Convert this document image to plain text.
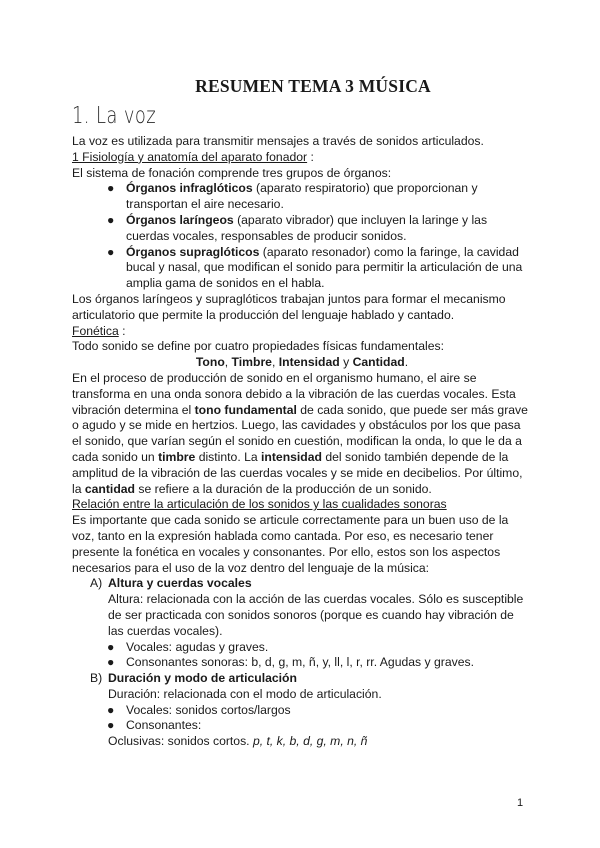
RESUMEN TEMA 3 MÚSICA
1. La voz

La voz es utilizada para transmitir mensajes a través de sonidos articulados.

1 Fisiología y anatomía del aparato fonador :

El sistema de fonación comprende tres grupos de órganos:

● Órganos infraglóticos (aparato respiratorio) que proporcionan y transportan el aire necesario.
● Órganos laríngeos (aparato vibrador) que incluyen la laringe y las cuerdas vocales, responsables de producir sonidos.
● Órganos supraglóticos (aparato resonador) como la faringe, la cavidad bucal y nasal, que modifican el sonido para permitir la articulación de una amplia gama de sonidos en el habla.

Los órganos laríngeos y supraglóticos trabajan juntos para formar el mecanismo articulatorio que permite la producción del lenguaje hablado y cantado.

Fonética :

Todo sonido se define por cuatro propiedades físicas fundamentales:

Tono, Timbre, Intensidad y Cantidad.

En el proceso de producción de sonido en el organismo humano, el aire se transforma en una onda sonora debido a la vibración de las cuerdas vocales. Esta vibración determina el tono fundamental de cada sonido, que puede ser más grave o agudo y se mide en hertzios. Luego, las cavidades y obstáculos por los que pasa el sonido, que varían según el sonido en cuestión, modifican la onda, lo que le da a cada sonido un timbre distinto. La intensidad del sonido también depende de la amplitud de la vibración de las cuerdas vocales y se mide en decibelios. Por último, la cantidad se refiere a la duración de la producción de un sonido.

Relación entre la articulación de los sonidos y las cualidades sonoras

Es importante que cada sonido se articule correctamente para un buen uso de la voz, tanto en la expresión hablada como cantada. Por eso, es necesario tener presente la fonética en vocales y consonantes. Por ello, estos son los aspectos necesarios para el uso de la voz dentro del lenguaje de la música:

A) Altura y cuerdas vocales

Altura: relacionada con la acción de las cuerdas vocales. Sólo es susceptible de ser practicada con sonidos sonoros (porque es cuando hay vibración de las cuerdas vocales).

● Vocales: agudas y graves.
● Consonantes sonoras: b, d, g, m, ñ, y, ll, l, r, rr. Agudas y graves.
B) Duración y modo de articulación

Duración: relacionada con el modo de articulación.

● Vocales: sonidos cortos/largos
● Consonantes:

Oclusivas: sonidos cortos. p, t, k, b, d, g, m, n, ñ

1
